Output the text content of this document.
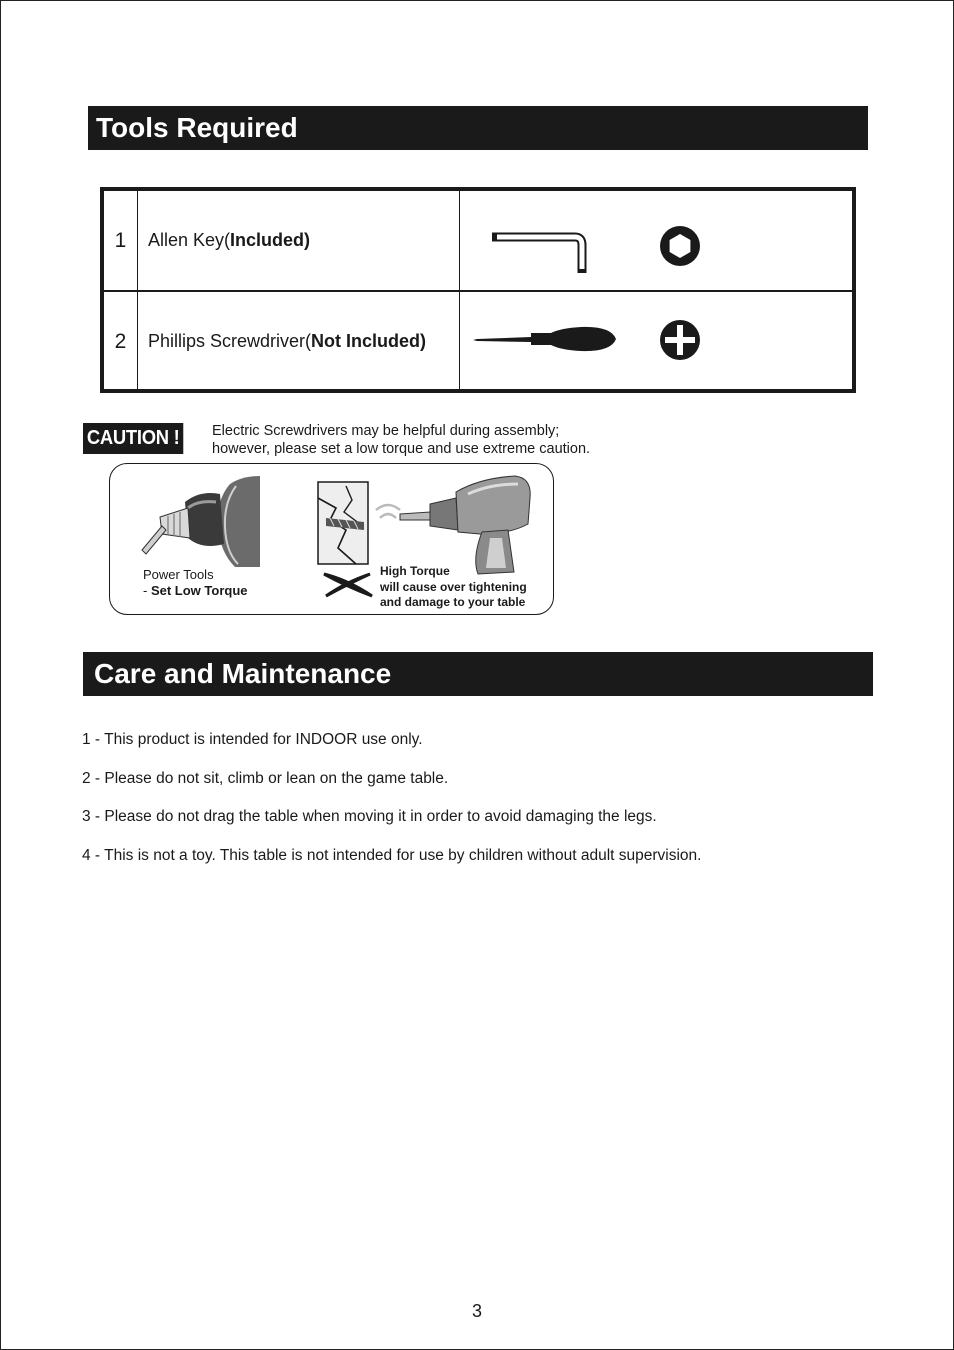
Tools Required
1	Allen Key( Included)
2	Phillips Screwdriver( Not Included)
CAUTION ! Electric Screwdrivers may be helpful during assembly;
however, please set a low torque and use extreme caution.
Power Tools
- Set Low Torque
High Torque
will cause over tightening
and damage to your table
Care and Maintenance
1 - This product is intended for INDOOR use only.
2 - Please do not sit, climb or lean on the game table.
3 - Please do not drag the table when moving it in order to avoid damaging the legs.
4 - This is not a toy. This table is not intended for use by children without adult supervision.
3
